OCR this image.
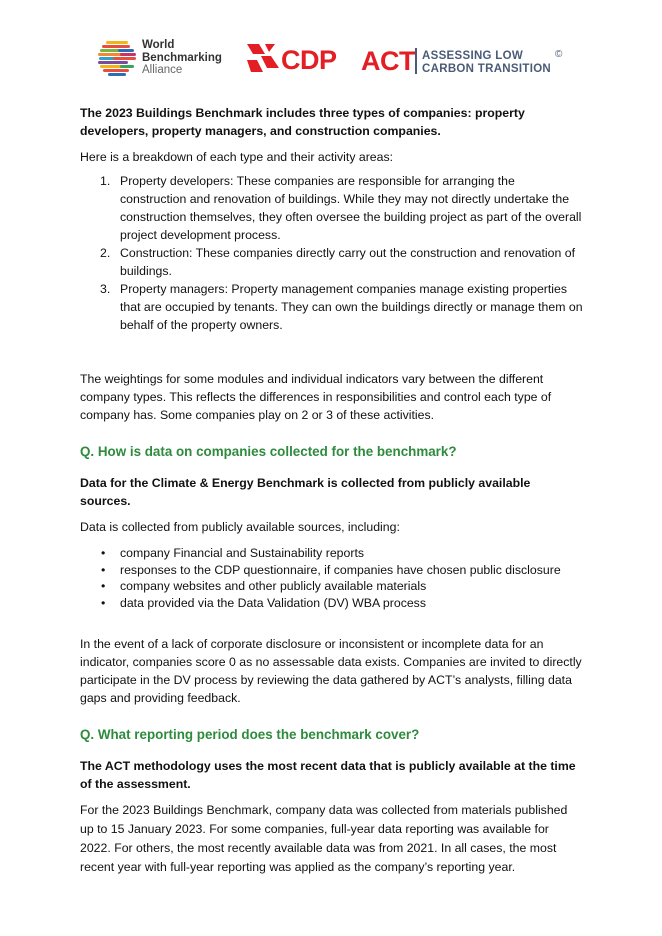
World
Benchmarking
Alliance	CDP ACT ASSESSING LOW
CARBON TRANSITION
©

The 2023 Buildings Benchmark includes three types of companies: property developers, property managers, and construction companies.

Here is a breakdown of each type and their activity areas:

1. Property developers: These companies are responsible for arranging the construction and renovation of buildings. While they may not directly undertake the construction themselves, they often oversee the building project as part of the overall project development process.
2. Construction: These companies directly carry out the construction and renovation of buildings.
3. Property managers: Property management companies manage existing properties that are occupied by tenants. They can own the buildings directly or manage them on behalf of the property owners.

The weightings for some modules and individual indicators vary between the different company types. This reflects the differences in responsibilities and control each type of company has. Some companies play on 2 or 3 of these activities.

Q. How is data on companies collected for the benchmark?

Data for the Climate & Energy Benchmark is collected from publicly available sources.

Data is collected from publicly available sources, including:

• company Financial and Sustainability reports
• responses to the CDP questionnaire, if companies have chosen public disclosure
• company websites and other publicly available materials
• data provided via the Data Validation (DV) WBA process

In the event of a lack of corporate disclosure or inconsistent or incomplete data for an indicator, companies score 0 as no assessable data exists. Companies are invited to directly participate in the DV process by reviewing the data gathered by ACT’s analysts, filling data gaps and providing feedback.

Q. What reporting period does the benchmark cover?

The ACT methodology uses the most recent data that is publicly available at the time of the assessment.

For the 2023 Buildings Benchmark, company data was collected from materials published up to 15 January 2023. For some companies, full-year data reporting was available for 2022. For others, the most recently available data was from 2021. In all cases, the most recent year with full-year reporting was applied as the company’s reporting year.
